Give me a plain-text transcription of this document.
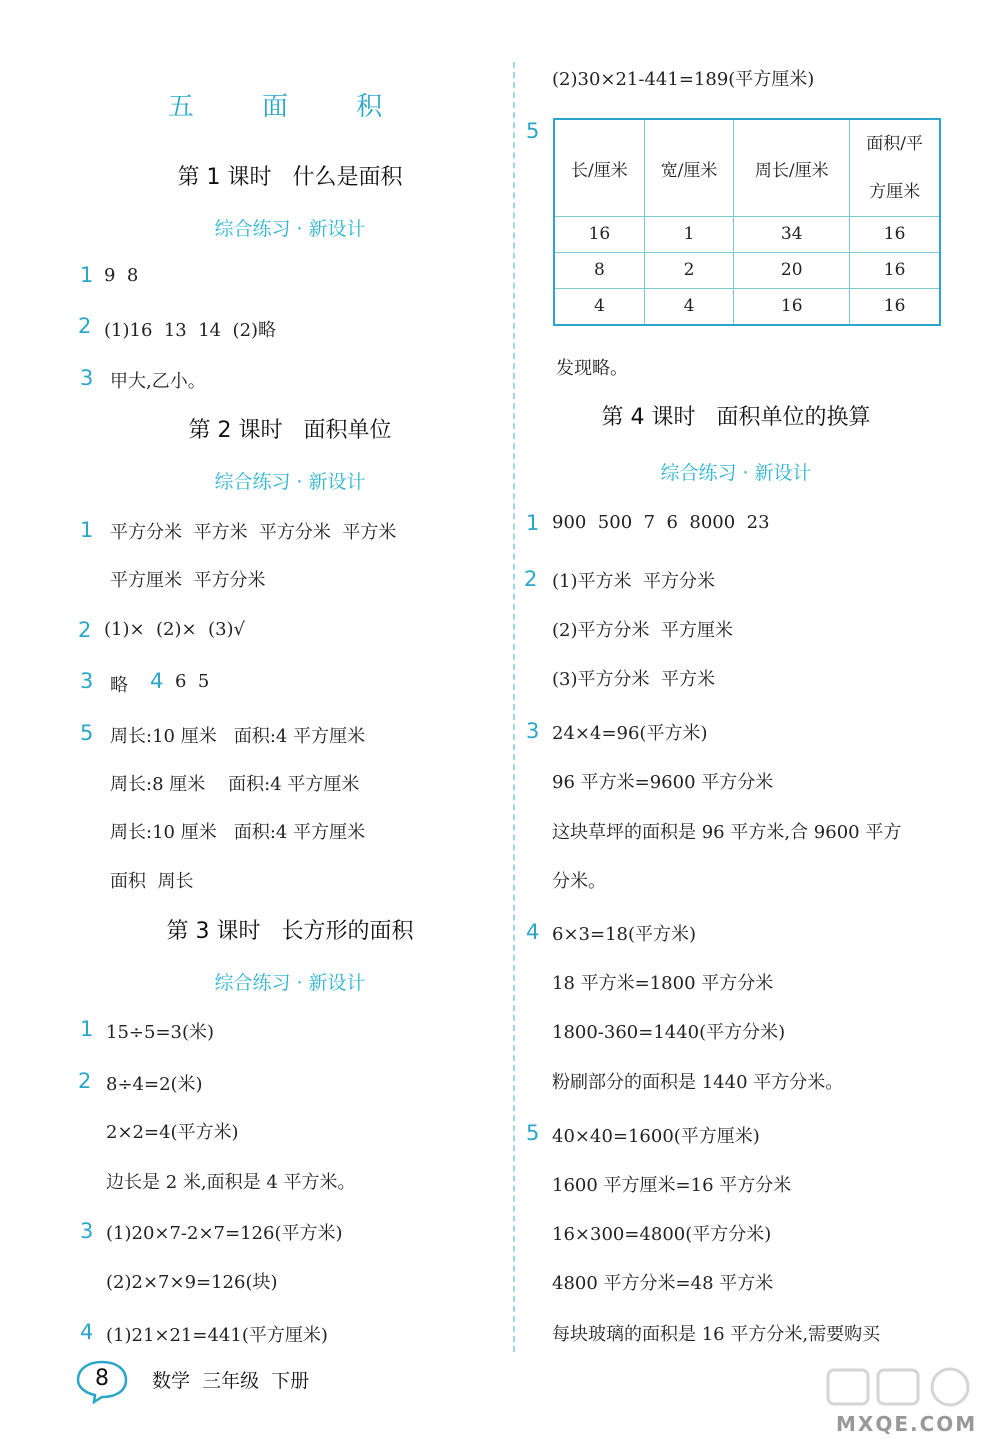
五 面 积
第 1 课时   什么是面积
综合练习 · 新设计
1 9  8
2 (1)16  13  14  (2)略
3 甲大,乙小。
第 2 课时   面积单位
综合练习 · 新设计
1 平方分米  平方米  平方分米  平方米
平方厘米  平方分米
2 (1)×  (2)×  (3)√
3 略 4 6  5
5 周长:10 厘米   面积:4 平方厘米
周长:8 厘米    面积:4 平方厘米
周长:10 厘米   面积:4 平方厘米
面积  周长
第 3 课时   长方形的面积
综合练习 · 新设计
1 15÷5=3(米)
2 8÷4=2(米)
2×2=4(平方米)
边长是 2 米,面积是 4 平方米。
3 (1)20×7-2×7=126(平方米)
(2)2×7×9=126(块)
4 (1)21×21=441(平方厘米)
(2)30×21-441=189(平方厘米)
5
长/厘米	宽/厘米	周长/厘米	面积/平
方厘米

16	1	34	16
8	2	20	16
4	4	16	16
发现略。
第 4 课时   面积单位的换算
综合练习 · 新设计
1 900  500  7  6  8000  23
2 (1)平方米  平方分米
(2)平方分米  平方厘米
(3)平方分米  平方米
3 24×4=96(平方米)
96 平方米=9600 平方分米
这块草坪的面积是 96 平方米,合 9600 平方
分米。
4 6×3=18(平方米)
18 平方米=1800 平方分米
1800-360=1440(平方分米)
粉刷部分的面积是 1440 平方分米。
5 40×40=1600(平方厘米)
1600 平方厘米=16 平方分米
16×300=4800(平方分米)
4800 平方分米=48 平方米
每块玻璃的面积是 16 平方分米,需要购买
8	数学  三年级  下册
MXQE.COM
